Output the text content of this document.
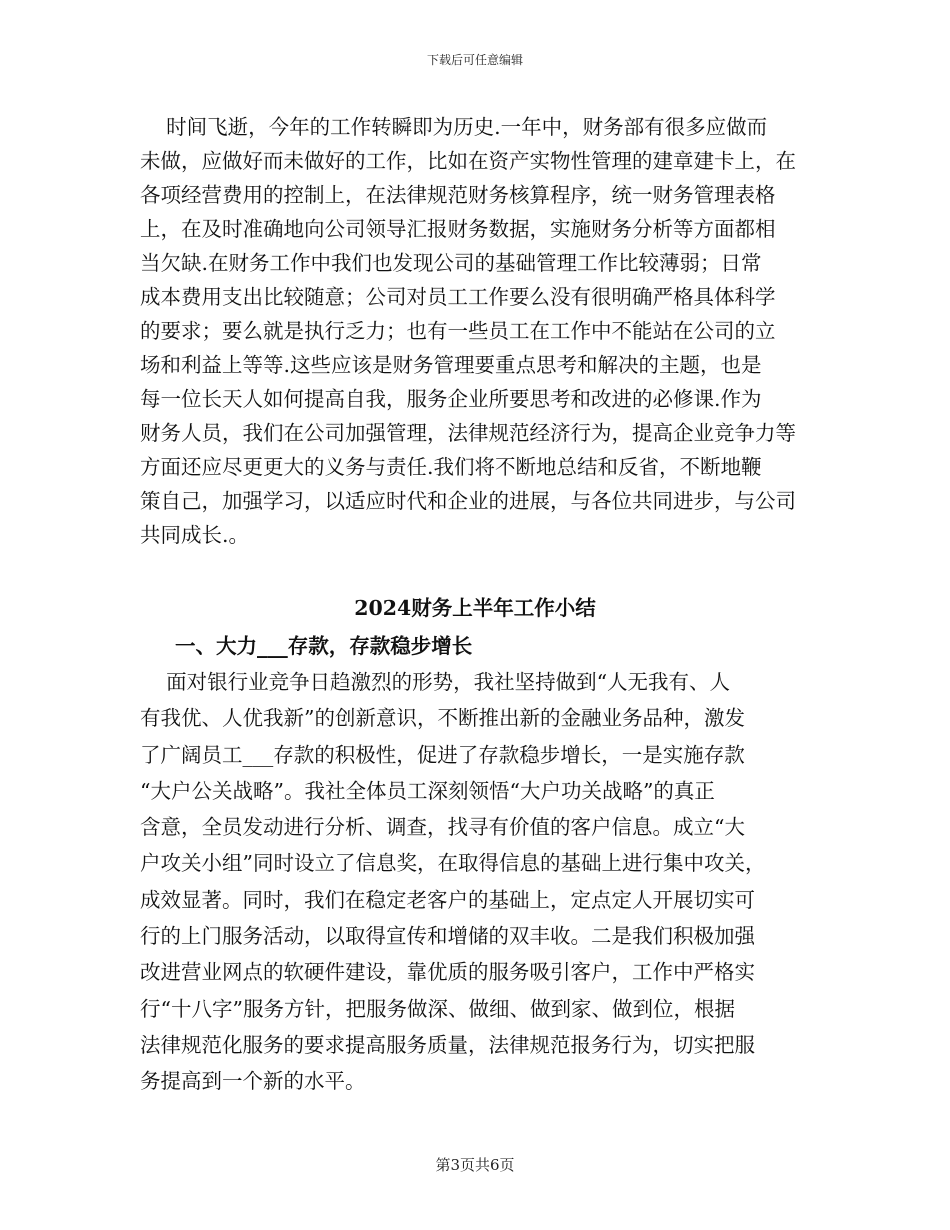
下载后可任意编辑

时间飞逝，今年的工作转瞬即为历史.一年中，财务部有很多应做而
未做，应做好而未做好的工作，比如在资产实物性管理的建章建卡上，在
各项经营费用的控制上，在法律规范财务核算程序，统一财务管理表格
上，在及时准确地向公司领导汇报财务数据，实施财务分析等方面都相
当欠缺.在财务工作中我们也发现公司的基础管理工作比较薄弱；日常
成本费用支出比较随意；公司对员工工作要么没有很明确严格具体科学
的要求；要么就是执行乏力；也有一些员工在工作中不能站在公司的立
场和利益上等等.这些应该是财务管理要重点思考和解决的主题，也是
每一位长天人如何提高自我，服务企业所要思考和改进的必修课.作为
财务人员，我们在公司加强管理，法律规范经济行为，提高企业竞争力等
方面还应尽更更大的义务与责任.我们将不断地总结和反省，不断地鞭
策自己，加强学习，以适应时代和企业的进展，与各位共同进步，与公司
共同成长.。

2024财务上半年工作小结
一、大力___存款，存款稳步增长

面对银行业竞争日趋激烈的形势，我社坚持做到“人无我有、人
有我优、人优我新”的创新意识，不断推出新的金融业务品种，激发
了广阔员工___存款的积极性，促进了存款稳步增长，一是实施存款
“大户公关战略”。我社全体员工深刻领悟“大户功关战略”的真正
含意，全员发动进行分析、调查，找寻有价值的客户信息。成立“大
户攻关小组”同时设立了信息奖，在取得信息的基础上进行集中攻关，
成效显著。同时，我们在稳定老客户的基础上，定点定人开展切实可
行的上门服务活动，以取得宣传和增储的双丰收。二是我们积极加强
改进营业网点的软硬件建设，靠优质的服务吸引客户，工作中严格实
行“十八字”服务方针，把服务做深、做细、做到家、做到位，根据
法律规范化服务的要求提高服务质量，法律规范报务行为，切实把服
务提高到一个新的水平。

第3页共6页
